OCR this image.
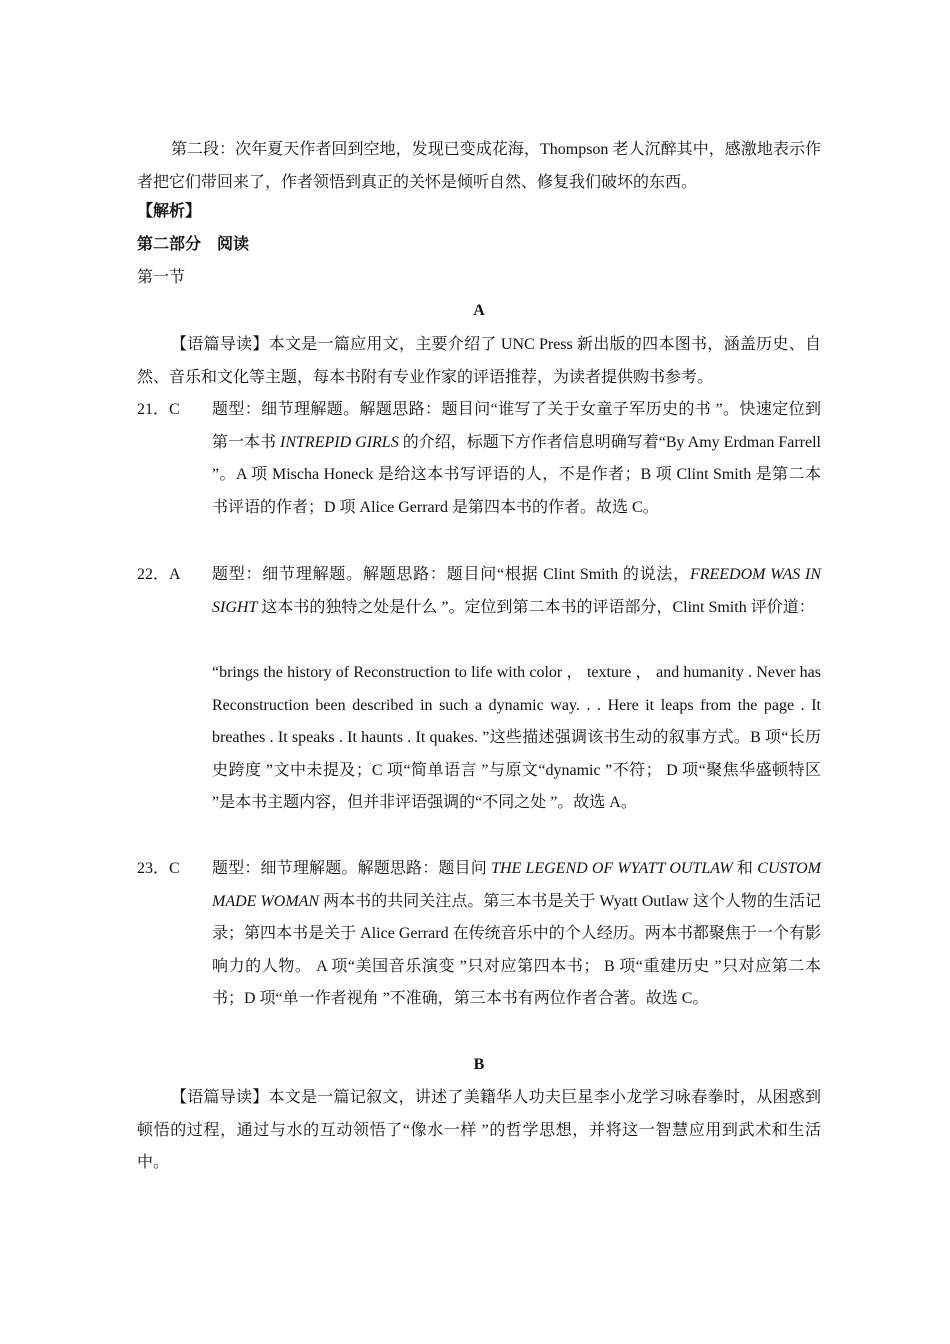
第二段：次年夏天作者回到空地，发现已变成花海，Thompson 老人沉醉其中，感激地表示作者把它们带回来了，作者领悟到真正的关怀是倾听自然、修复我们破坏的东西。

【解析】

第二部分　阅读

第一节

A

【语篇导读】本文是一篇应用文，主要介绍了 UNC Press 新出版的四本图书，涵盖历史、自然、音乐和文化等主题，每本书附有专业作家的评语推荐，为读者提供购书参考。

21．C 题型：细节理解题。解题思路：题目问“谁写了关于女童子军历史的书 ”。快速定位到第一本书 INTREPID GIRLS 的介绍，标题下方作者信息明确写着“By Amy Erdman Farrell ”。A 项 Mischa Honeck 是给这本书写评语的人，不是作者；B 项 Clint Smith 是第二本书评语的作者；D 项 Alice Gerrard 是第四本书的作者。故选 C。

22．A 题型：细节理解题。解题思路：题目问“根据 Clint Smith 的说法，FREEDOM WAS IN SIGHT 这本书的独特之处是什么 ”。定位到第二本书的评语部分，Clint Smith 评价道：

“brings the history of Reconstruction to life with color ， texture ， and humanity . Never has Reconstruction been described in such a dynamic way. . . Here it leaps from the page . It breathes . It speaks . It haunts . It quakes. ”这些描述强调该书生动的叙事方式。B 项“长历史跨度 ”文中未提及；C 项“简单语言 ”与原文“dynamic ”不符； D 项“聚焦华盛顿特区 ”是本书主题内容，但并非评语强调的“不同之处 ”。故选 A。

23．C 题型：细节理解题。解题思路：题目问 THE LEGEND OF WYATT OUTLAW 和 CUSTOM MADE WOMAN 两本书的共同关注点。第三本书是关于 Wyatt Outlaw 这个人物的生活记录；第四本书是关于 Alice Gerrard 在传统音乐中的个人经历。两本书都聚焦于一个有影响力的人物。 A 项“美国音乐演变 ”只对应第四本书； B 项“重建历史 ”只对应第二本书；D 项“单一作者视角 ”不准确，第三本书有两位作者合著。故选 C。

B

【语篇导读】本文是一篇记叙文，讲述了美籍华人功夫巨星李小龙学习咏春拳时，从困惑到顿悟的过程，通过与水的互动领悟了“像水一样 ”的哲学思想，并将这一智慧应用到武术和生活中。
